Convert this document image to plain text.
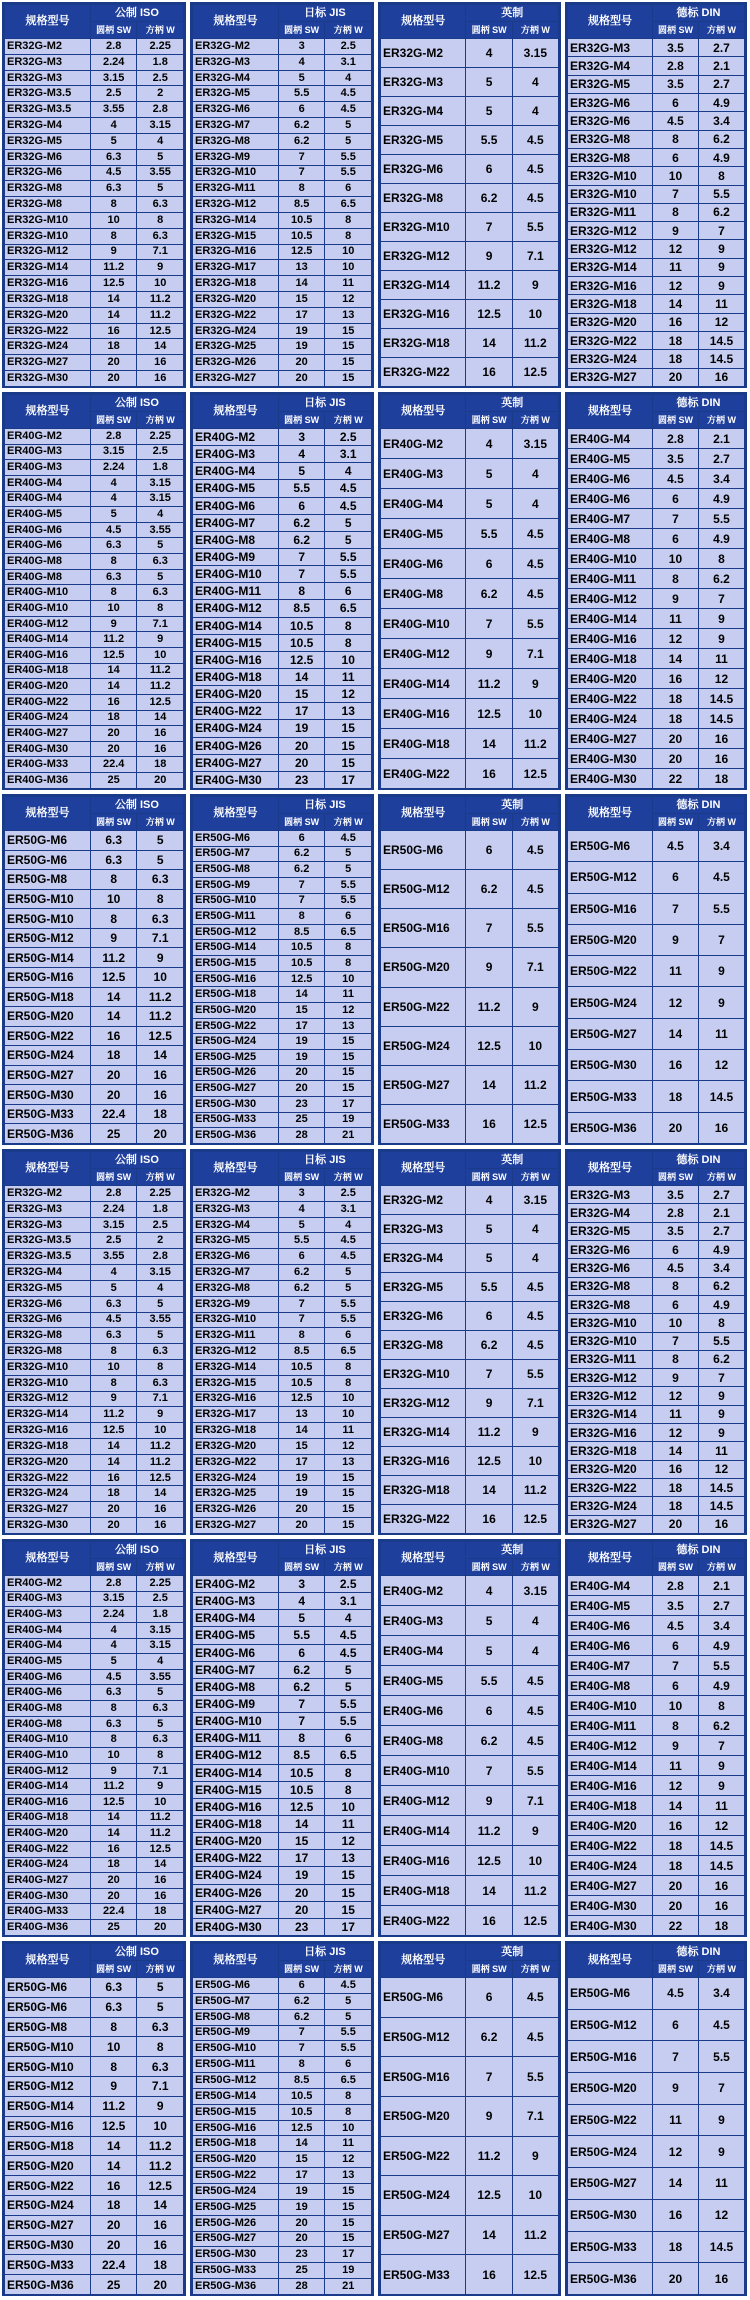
规格型号	公制 ISO	
	圆柄 SW	方柄 W
ER32G-M2	2.8	2.25
ER32G-M3	2.24	1.8
ER32G-M3	3.15	2.5
ER32G-M3.5	2.5	2
ER32G-M3.5	3.55	2.8
ER32G-M4	4	3.15
ER32G-M5	5	4
ER32G-M6	6.3	5
ER32G-M6	4.5	3.55
ER32G-M8	6.3	5
ER32G-M8	8	6.3
ER32G-M10	10	8
ER32G-M10	8	6.3
ER32G-M12	9	7.1
ER32G-M14	11.2	9
ER32G-M16	12.5	10
ER32G-M18	14	11.2
ER32G-M20	14	11.2
ER32G-M22	16	12.5
ER32G-M24	18	14
ER32G-M27	20	16
ER32G-M30	20	16
规格型号	日标 JIS	
	圆柄 SW	方柄 W
ER32G-M2	3	2.5
ER32G-M3	4	3.1
ER32G-M4	5	4
ER32G-M5	5.5	4.5
ER32G-M6	6	4.5
ER32G-M7	6.2	5
ER32G-M8	6.2	5
ER32G-M9	7	5.5
ER32G-M10	7	5.5
ER32G-M11	8	6
ER32G-M12	8.5	6.5
ER32G-M14	10.5	8
ER32G-M15	10.5	8
ER32G-M16	12.5	10
ER32G-M17	13	10
ER32G-M18	14	11
ER32G-M20	15	12
ER32G-M22	17	13
ER32G-M24	19	15
ER32G-M25	19	15
ER32G-M26	20	15
ER32G-M27	20	15
规格型号	英制	
	圆柄 SW	方柄 W
ER32G-M2	4	3.15
ER32G-M3	5	4
ER32G-M4	5	4
ER32G-M5	5.5	4.5
ER32G-M6	6	4.5
ER32G-M8	6.2	4.5
ER32G-M10	7	5.5
ER32G-M12	9	7.1
ER32G-M14	11.2	9
ER32G-M16	12.5	10
ER32G-M18	14	11.2
ER32G-M22	16	12.5
规格型号	德标 DIN	
	圆柄 SW	方柄 W
ER32G-M3	3.5	2.7
ER32G-M4	2.8	2.1
ER32G-M5	3.5	2.7
ER32G-M6	6	4.9
ER32G-M6	4.5	3.4
ER32G-M8	8	6.2
ER32G-M8	6	4.9
ER32G-M10	10	8
ER32G-M10	7	5.5
ER32G-M11	8	6.2
ER32G-M12	9	7
ER32G-M12	12	9
ER32G-M14	11	9
ER32G-M16	12	9
ER32G-M18	14	11
ER32G-M20	16	12
ER32G-M22	18	14.5
ER32G-M24	18	14.5
ER32G-M27	20	16
规格型号	公制 ISO	
	圆柄 SW	方柄 W
ER40G-M2	2.8	2.25
ER40G-M3	3.15	2.5
ER40G-M3	2.24	1.8
ER40G-M4	4	3.15
ER40G-M4	4	3.15
ER40G-M5	5	4
ER40G-M6	4.5	3.55
ER40G-M6	6.3	5
ER40G-M8	8	6.3
ER40G-M8	6.3	5
ER40G-M10	8	6.3
ER40G-M10	10	8
ER40G-M12	9	7.1
ER40G-M14	11.2	9
ER40G-M16	12.5	10
ER40G-M18	14	11.2
ER40G-M20	14	11.2
ER40G-M22	16	12.5
ER40G-M24	18	14
ER40G-M27	20	16
ER40G-M30	20	16
ER40G-M33	22.4	18
ER40G-M36	25	20
规格型号	日标 JIS	
	圆柄 SW	方柄 W
ER40G-M2	3	2.5
ER40G-M3	4	3.1
ER40G-M4	5	4
ER40G-M5	5.5	4.5
ER40G-M6	6	4.5
ER40G-M7	6.2	5
ER40G-M8	6.2	5
ER40G-M9	7	5.5
ER40G-M10	7	5.5
ER40G-M11	8	6
ER40G-M12	8.5	6.5
ER40G-M14	10.5	8
ER40G-M15	10.5	8
ER40G-M16	12.5	10
ER40G-M18	14	11
ER40G-M20	15	12
ER40G-M22	17	13
ER40G-M24	19	15
ER40G-M26	20	15
ER40G-M27	20	15
ER40G-M30	23	17
规格型号	英制	
	圆柄 SW	方柄 W
ER40G-M2	4	3.15
ER40G-M3	5	4
ER40G-M4	5	4
ER40G-M5	5.5	4.5
ER40G-M6	6	4.5
ER40G-M8	6.2	4.5
ER40G-M10	7	5.5
ER40G-M12	9	7.1
ER40G-M14	11.2	9
ER40G-M16	12.5	10
ER40G-M18	14	11.2
ER40G-M22	16	12.5
规格型号	德标 DIN	
	圆柄 SW	方柄 W
ER40G-M4	2.8	2.1
ER40G-M5	3.5	2.7
ER40G-M6	4.5	3.4
ER40G-M6	6	4.9
ER40G-M7	7	5.5
ER40G-M8	6	4.9
ER40G-M10	10	8
ER40G-M11	8	6.2
ER40G-M12	9	7
ER40G-M14	11	9
ER40G-M16	12	9
ER40G-M18	14	11
ER40G-M20	16	12
ER40G-M22	18	14.5
ER40G-M24	18	14.5
ER40G-M27	20	16
ER40G-M30	20	16
ER40G-M30	22	18
规格型号	公制 ISO	
	圆柄 SW	方柄 W
ER50G-M6	6.3	5
ER50G-M6	6.3	5
ER50G-M8	8	6.3
ER50G-M10	10	8
ER50G-M10	8	6.3
ER50G-M12	9	7.1
ER50G-M14	11.2	9
ER50G-M16	12.5	10
ER50G-M18	14	11.2
ER50G-M20	14	11.2
ER50G-M22	16	12.5
ER50G-M24	18	14
ER50G-M27	20	16
ER50G-M30	20	16
ER50G-M33	22.4	18
ER50G-M36	25	20
规格型号	日标 JIS	
	圆柄 SW	方柄 W
ER50G-M6	6	4.5
ER50G-M7	6.2	5
ER50G-M8	6.2	5
ER50G-M9	7	5.5
ER50G-M10	7	5.5
ER50G-M11	8	6
ER50G-M12	8.5	6.5
ER50G-M14	10.5	8
ER50G-M15	10.5	8
ER50G-M16	12.5	10
ER50G-M18	14	11
ER50G-M20	15	12
ER50G-M22	17	13
ER50G-M24	19	15
ER50G-M25	19	15
ER50G-M26	20	15
ER50G-M27	20	15
ER50G-M30	23	17
ER50G-M33	25	19
ER50G-M36	28	21
规格型号	英制	
	圆柄 SW	方柄 W
ER50G-M6	6	4.5
ER50G-M12	6.2	4.5
ER50G-M16	7	5.5
ER50G-M20	9	7.1
ER50G-M22	11.2	9
ER50G-M24	12.5	10
ER50G-M27	14	11.2
ER50G-M33	16	12.5
规格型号	德标 DIN	
	圆柄 SW	方柄 W
ER50G-M6	4.5	3.4
ER50G-M12	6	4.5
ER50G-M16	7	5.5
ER50G-M20	9	7
ER50G-M22	11	9
ER50G-M24	12	9
ER50G-M27	14	11
ER50G-M30	16	12
ER50G-M33	18	14.5
ER50G-M36	20	16
规格型号	公制 ISO	
	圆柄 SW	方柄 W
ER32G-M2	2.8	2.25
ER32G-M3	2.24	1.8
ER32G-M3	3.15	2.5
ER32G-M3.5	2.5	2
ER32G-M3.5	3.55	2.8
ER32G-M4	4	3.15
ER32G-M5	5	4
ER32G-M6	6.3	5
ER32G-M6	4.5	3.55
ER32G-M8	6.3	5
ER32G-M8	8	6.3
ER32G-M10	10	8
ER32G-M10	8	6.3
ER32G-M12	9	7.1
ER32G-M14	11.2	9
ER32G-M16	12.5	10
ER32G-M18	14	11.2
ER32G-M20	14	11.2
ER32G-M22	16	12.5
ER32G-M24	18	14
ER32G-M27	20	16
ER32G-M30	20	16
规格型号	日标 JIS	
	圆柄 SW	方柄 W
ER32G-M2	3	2.5
ER32G-M3	4	3.1
ER32G-M4	5	4
ER32G-M5	5.5	4.5
ER32G-M6	6	4.5
ER32G-M7	6.2	5
ER32G-M8	6.2	5
ER32G-M9	7	5.5
ER32G-M10	7	5.5
ER32G-M11	8	6
ER32G-M12	8.5	6.5
ER32G-M14	10.5	8
ER32G-M15	10.5	8
ER32G-M16	12.5	10
ER32G-M17	13	10
ER32G-M18	14	11
ER32G-M20	15	12
ER32G-M22	17	13
ER32G-M24	19	15
ER32G-M25	19	15
ER32G-M26	20	15
ER32G-M27	20	15
规格型号	英制	
	圆柄 SW	方柄 W
ER32G-M2	4	3.15
ER32G-M3	5	4
ER32G-M4	5	4
ER32G-M5	5.5	4.5
ER32G-M6	6	4.5
ER32G-M8	6.2	4.5
ER32G-M10	7	5.5
ER32G-M12	9	7.1
ER32G-M14	11.2	9
ER32G-M16	12.5	10
ER32G-M18	14	11.2
ER32G-M22	16	12.5
规格型号	德标 DIN	
	圆柄 SW	方柄 W
ER32G-M3	3.5	2.7
ER32G-M4	2.8	2.1
ER32G-M5	3.5	2.7
ER32G-M6	6	4.9
ER32G-M6	4.5	3.4
ER32G-M8	8	6.2
ER32G-M8	6	4.9
ER32G-M10	10	8
ER32G-M10	7	5.5
ER32G-M11	8	6.2
ER32G-M12	9	7
ER32G-M12	12	9
ER32G-M14	11	9
ER32G-M16	12	9
ER32G-M18	14	11
ER32G-M20	16	12
ER32G-M22	18	14.5
ER32G-M24	18	14.5
ER32G-M27	20	16
规格型号	公制 ISO	
	圆柄 SW	方柄 W
ER40G-M2	2.8	2.25
ER40G-M3	3.15	2.5
ER40G-M3	2.24	1.8
ER40G-M4	4	3.15
ER40G-M4	4	3.15
ER40G-M5	5	4
ER40G-M6	4.5	3.55
ER40G-M6	6.3	5
ER40G-M8	8	6.3
ER40G-M8	6.3	5
ER40G-M10	8	6.3
ER40G-M10	10	8
ER40G-M12	9	7.1
ER40G-M14	11.2	9
ER40G-M16	12.5	10
ER40G-M18	14	11.2
ER40G-M20	14	11.2
ER40G-M22	16	12.5
ER40G-M24	18	14
ER40G-M27	20	16
ER40G-M30	20	16
ER40G-M33	22.4	18
ER40G-M36	25	20
规格型号	日标 JIS	
	圆柄 SW	方柄 W
ER40G-M2	3	2.5
ER40G-M3	4	3.1
ER40G-M4	5	4
ER40G-M5	5.5	4.5
ER40G-M6	6	4.5
ER40G-M7	6.2	5
ER40G-M8	6.2	5
ER40G-M9	7	5.5
ER40G-M10	7	5.5
ER40G-M11	8	6
ER40G-M12	8.5	6.5
ER40G-M14	10.5	8
ER40G-M15	10.5	8
ER40G-M16	12.5	10
ER40G-M18	14	11
ER40G-M20	15	12
ER40G-M22	17	13
ER40G-M24	19	15
ER40G-M26	20	15
ER40G-M27	20	15
ER40G-M30	23	17
规格型号	英制	
	圆柄 SW	方柄 W
ER40G-M2	4	3.15
ER40G-M3	5	4
ER40G-M4	5	4
ER40G-M5	5.5	4.5
ER40G-M6	6	4.5
ER40G-M8	6.2	4.5
ER40G-M10	7	5.5
ER40G-M12	9	7.1
ER40G-M14	11.2	9
ER40G-M16	12.5	10
ER40G-M18	14	11.2
ER40G-M22	16	12.5
规格型号	德标 DIN	
	圆柄 SW	方柄 W
ER40G-M4	2.8	2.1
ER40G-M5	3.5	2.7
ER40G-M6	4.5	3.4
ER40G-M6	6	4.9
ER40G-M7	7	5.5
ER40G-M8	6	4.9
ER40G-M10	10	8
ER40G-M11	8	6.2
ER40G-M12	9	7
ER40G-M14	11	9
ER40G-M16	12	9
ER40G-M18	14	11
ER40G-M20	16	12
ER40G-M22	18	14.5
ER40G-M24	18	14.5
ER40G-M27	20	16
ER40G-M30	20	16
ER40G-M30	22	18
规格型号	公制 ISO	
	圆柄 SW	方柄 W
ER50G-M6	6.3	5
ER50G-M6	6.3	5
ER50G-M8	8	6.3
ER50G-M10	10	8
ER50G-M10	8	6.3
ER50G-M12	9	7.1
ER50G-M14	11.2	9
ER50G-M16	12.5	10
ER50G-M18	14	11.2
ER50G-M20	14	11.2
ER50G-M22	16	12.5
ER50G-M24	18	14
ER50G-M27	20	16
ER50G-M30	20	16
ER50G-M33	22.4	18
ER50G-M36	25	20
规格型号	日标 JIS	
	圆柄 SW	方柄 W
ER50G-M6	6	4.5
ER50G-M7	6.2	5
ER50G-M8	6.2	5
ER50G-M9	7	5.5
ER50G-M10	7	5.5
ER50G-M11	8	6
ER50G-M12	8.5	6.5
ER50G-M14	10.5	8
ER50G-M15	10.5	8
ER50G-M16	12.5	10
ER50G-M18	14	11
ER50G-M20	15	12
ER50G-M22	17	13
ER50G-M24	19	15
ER50G-M25	19	15
ER50G-M26	20	15
ER50G-M27	20	15
ER50G-M30	23	17
ER50G-M33	25	19
ER50G-M36	28	21
规格型号	英制	
	圆柄 SW	方柄 W
ER50G-M6	6	4.5
ER50G-M12	6.2	4.5
ER50G-M16	7	5.5
ER50G-M20	9	7.1
ER50G-M22	11.2	9
ER50G-M24	12.5	10
ER50G-M27	14	11.2
ER50G-M33	16	12.5
规格型号	德标 DIN	
	圆柄 SW	方柄 W
ER50G-M6	4.5	3.4
ER50G-M12	6	4.5
ER50G-M16	7	5.5
ER50G-M20	9	7
ER50G-M22	11	9
ER50G-M24	12	9
ER50G-M27	14	11
ER50G-M30	16	12
ER50G-M33	18	14.5
ER50G-M36	20	16
